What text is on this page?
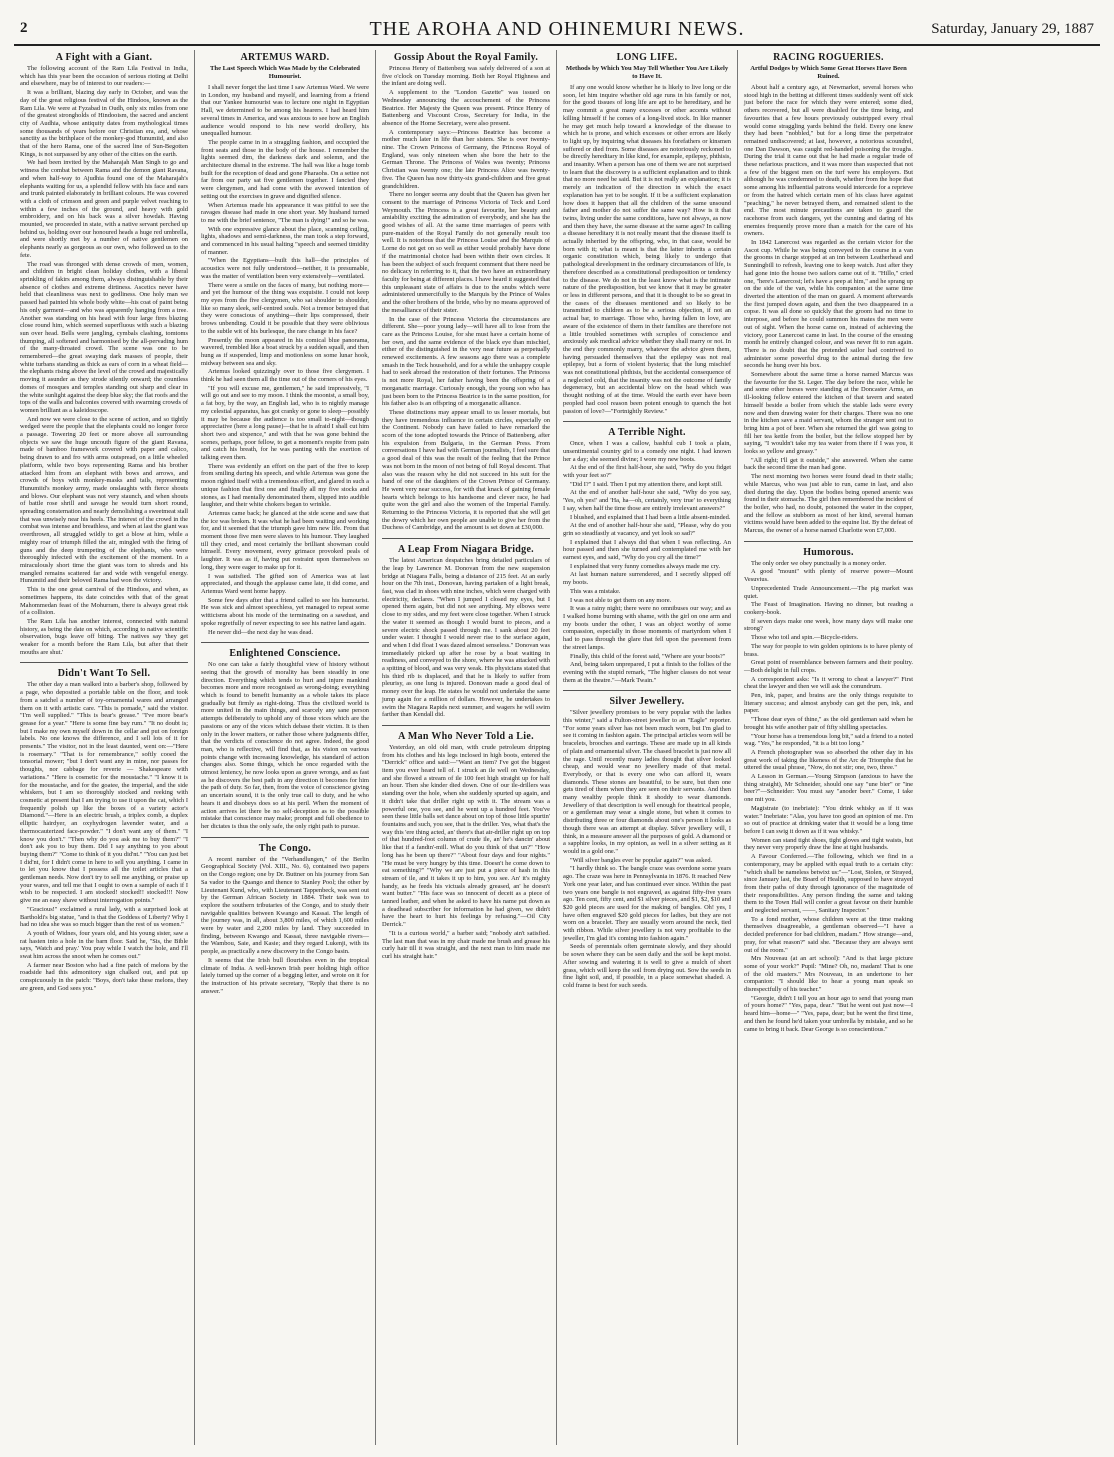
2	THE AROHA AND OHINEMURI NEWS.	Saturday, January 29, 1887
A Fight with a Giant.

The following account of the Ram Lila Festival in India, which has this year been the occasion of serious rioting at Delhi and elsewhere, may be of interest to our readers:—

It was a brilliant, blazing day early in October, and was the day of the great religious festival of the Hindoos, known as the Ram Lila. We were at Fyzabad in Oudh, only six miles from one of the greatest strongholds of Hindooism, the sacred and ancient city of Audhia, whose antiquity dates from mythological times some thousands of years before our Christian era, and, whose sanctity as the birthplace of the monkey-god Hunumiid, and also that of the hero Rama, one of the sacred line of Sun-Begotten Kings, is not surpassed by any other of the cities on the earth.

We had been invited by the Maharajah Man Singh to go and witness the combat between Rama and the demon giant Ravana, and when half-way to Ajudhia found one of the Maharajah's elephants waiting for us, a splendid fellow with his face and ears and trunk painted elaborately in brilliant colours. He was covered with a cloth of crimson and green and purple velvet reaching to within a few inches of the ground, and heavy with gold embroidery, and on his back was a silver howdah. Having mounted, we proceeded in state, with a native servant perched up behind us, holding over our honoured heads a huge red umbrella, and were shortly met by a number of native gentlemen on elephants nearly as gorgeous as our own, who followed us to the fete.

The road was thronged with dense crowds of men, women, and children in bright clean holiday clothes, with a liberal sprinkling of fakirs among them, always distinguishable by their absence of clothes and extreme dirtiness. Ascetics never have held that cleanliness was next to godliness. One holy man we passed had painted his whole body white—his coat of paint being his only garment—and who was apparently hanging from a tree. Another was standing on his head with four large fires blazing close round him, which seemed superfluous with such a blazing sun over head. Bells were jangling, cymbals clashing, tomtoms thumping, all softened and harmonised by the all-pervading hum of the many-throated crowd. The scene was one to be remembered—the great swaying dark masses of people, their white turbans standing as thick as ears of corn in a wheat field—the elephants rising above the level of the crowd and majestically moving it asunder as they strode silently onward; the countless domes of mosques and temples standing out sharp and clear in the white sunlight against the deep blue sky; the flat roofs and the tops of the walls and balconies covered with swarming crowds of women brilliant as a kaleidoscope.

And now we were close to the scene of action, and so tightly wedged were the people that the elephants could no longer force a passage. Towering 20 feet or more above all surrounding objects we saw the huge uncouth figure of the giant Ravana, made of bamboo framework covered with paper and calico, being drawn to and fro with arms outspread, on a little wheeled platform, while two boys representing Rama and his brother attacked him from an elephant with bows and arrows, and crowds of boys with monkey-masks and tails, representing Hunumiid's monkey army, made onslaughts with fierce shouts and blows. Our elephant was not very staunch, and when shouts of battle rose shrill and savage he would turn short round, spreading consternation and nearly demolishing a sweetmeat stall that was unwisely near his heels. The interest of the crowd in the combat was intense and breathless, and when at last the giant was overthrown, all struggled wildly to get a blow at him, while a mighty roar of triumph filled the air, mingled with the firing of guns and the deep trumpeting of the elephants, who were thoroughly infected with the excitement of the moment. In a miraculously short time the giant was torn to shreds and his mangled remains scattered far and wide with vengeful energy. Hunumiid and their beloved Rama had won the victory.

This is the one great carnival of the Hindoos, and when, as sometimes happens, its date coincides with that of the great Mahommedan feast of the Mohurram, there is always great risk of a collision.

The Ram Lila has another interest, connected with natural history, as being the date on which, according to native scientific observation, bugs leave off biting. The natives say 'they get weaker for a month before the Ram Lila, but after that their mouths are shut.'

Didn't Want To Sell.

The other day a man walked into a barber's shop, followed by a page, who deposited a portable table on the floor, and took from a satchel a number of toy-ornamental wares and arranged them on it with artistic care. "This is pomade," said the visitor. "I'm well supplied." "This is bear's grease." "I've more bear's grease for a year." "Here is some fine bay rum." "It no doubt is; but I make my own myself down in the cellar and put on foreign labels. No one knows the difference, and I sell lots of it for presents." The visitor, not in the least daunted, went on:—"Here is rosemary." "That is for remembrance," softly cooed the tonsorial mower; "but I don't want any in mine, nor passes for thoughts, nor cabbage for reverie — Shakespeare with variations." "Here is cosmetic for the moustache." "I know it is for the moustache, and for the goatee, the imperial, and the side whiskers, but I am so thoroughly stocked and reeking with cosmetic at present that I am trying to use it upon the cat, which I frequently polish up like the boxes of a variety actor's Diamond."—Here is an electric brush, a triplex comb, a duplex elliptic hairdyer, an oxyhydrogen lavender water, and a thermocauterized face-powder." "I don't want any of them." "I know you don't." "Then why do you ask me to buy them?" "I don't ask you to buy them. Did I say anything to you about buying them?" "Come to think of it you did'nt." "You can just bet I did'nt, for I didn't come in here to sell you anything. I came in to let you know that I possess all the toilet articles that a gentleman needs. Now don't try to sell me anything, or praise up your wares, and tell me that I ought to own a sample of each if I wish to be respected. I am stocked! stocked!! stocked!!! Now give me an easy shave without interrogation points."

"Gracious!" exclaimed a rural lady, with a surprised look at Bartholdi's big statue, "and is that the Goddess of Liberty? Why I had no idea she was so much bigger than the rest of us women."

A youth of Widnes, four years old, and his young sister, saw a rat hasten into a hole in the barn floor. Said he, "Sis, the Bible says, 'Watch and pray.' You pray while I watch the hole, and I'll swat him across the snoot when he comes out."

A farmer near Boston who had a fine patch of melons by the roadside had this admonitory sign chalked out, and put up conspicuously in the patch: "Boys, don't take these melons, they are green, and God sees you."

ARTEMUS WARD.
The Last Speech Which Was Made by the Celebrated Humourist.

I shall never forget the last time I saw Artemus Ward. We were in London, my husband and myself, and learning from a friend that our Yankee humourist was to lecture one night in Egyptian Hall, we determined to be among his hearers. I had heard him several times in America, and was anxious to see how an English audience would respond to his new world drollery, his unequalled humour.

The people came in in a straggling fashion, and occupied the front seats and those in the body of the house. I remember the lights seemed dim, the darkness dark and solemn, and the architecture dismal in the extreme. The hall was like a huge tomb built for the reception of dead and gone Pharaohs. On a settee not far from our party sat five gentlemen together. I fancied they were clergymen, and had come with the avowed intention of setting out the exercises in grave and dignified silence.

When Artemus made his appearance it was pitiful to see the ravages disease had made in one short year. My husband turned to me with the brief sentence, "The man is dying!" and so he was.

With one expressive glance about the place, scanning ceiling, lights, shadows and semi-darkness, the man took a step forward, and commenced in his usual halting "speech and seemed timidity of manner.

"When the Egyptians—built this hall—the principles of acoustics were not fully understood—neither, it is presumable, was the matter of ventilation been very extensively—ventilated.

There were a smile on the faces of many, but nothing more—and yet the humour of the thing was exquisite. I could not keep my eyes from the five clergymen, who sat shoulder to shoulder, like so many sleek, self-centred souls. Not a tremor betrayed that they were conscious of anything—their lips compressed, their brows unbending. Could it be possible that they were oblivious to the subtle wit of his burlesque, the rare change in his face?

Presently the moon appeared in his comical blue panorama, wavered, trembled like a boat struck by a sudden squall, and then hung as if suspended, limp and motionless on some lunar hook, midway between sea and sky.

Artemus looked quizzingly over to those five clergymen. I think he had seen them all the time out of the corners of his eyes.

"If you will excuse me, gentlemen," he said impressively, "I will go out and see to my moon. I think the moonist, a small boy, a fat boy, by the way, an English lad, who is to nightly manage my celestial apparatus, has got cranky or gone to sleep—possibly it may be because the audience is too small to-night—though appreciative (here a long pause)—that he is afraid I shall cut him short two and sixpence," and with that he was gone behind the scenes, perhaps, poor fellow, to get a moment's respite from pain and catch his breath, for he was panting with the exertion of talking even then.

There was evidently an effort on the part of the five to keep from smiling during his speech, and while Artemus was gone the moon righted itself with a tremendous effort, and glared in such a unique fashion that first one and finally all my five stocks and stones, as I had mentally denominated them, slipped into audible laughter, and their white chokers began to wrinkle.

Artemus came back; he glanced at the side scene and saw that the ice was broken. It was what he had been waiting and working for, and it seemed that the triumph gave him new life. From that moment those five men were slaves to his humour. They laughed till they cried, and most certainly the brilliant showman could himself. Every movement, every grimace provoked peals of laughter. It was as if, having put restraint upon themselves so long, they were eager to make up for it.

I was satisfied. The gifted son of America was at last appreciated, and though the applause came late, it did come, and Artemus Ward went home happy.

Some few days after that a friend called to see his humourist. He was sick and almost speechless, yet managed to repeat some witticisms about his mode of the terminating on a sawdust, and spoke regretfully of never expecting to see his native land again.

He never did—the next day he was dead.

Enlightened Conscience.

No one can take a fairly thoughtful view of history without seeing that the growth of morality has been steadily in one direction. Everything which tends to hurt and injure mankind becomes more and more recognised as wrong-doing; everything which is found to benefit humanity as a whole takes its place gradually but firmly as right-doing. Thus the civilized world is more united in the main things, and scarcely any sane person attempts deliberately to uphold any of those vices which are the passions or any of the vices which debase their victim. It is then only in the lower matters, or rather those where judgments differ, that the verdicts of conscience do not agree. Indeed, the good man, who is reflective, will find that, as his vision on various points change with increasing knowledge, his standard of action changes also. Some things, which he once regarded with the utmost leniency, he now looks upon as grave wrongs, and as fast as he discovers the best path in any direction it becomes for him the path of duty. So far, then, from the voice of conscience giving an uncertain sound, it is the only true call to duty, and he who hears it and disobeys does so at his peril. When the moment of action arrives let there be no self-deception as to the possible mistake that conscience may make; prompt and full obedience to her dictates is thus the only safe, the only right path to pursue.

The Congo.

A recent number of the "Verhandlungen," of the Berlin Geographical Society (Vol. XIII., No. 6), contained two papers on the Congo region; one by Dr. Buttner on his journey from San Sa vador to the Quango and thence to Stanley Pool; the other by Lieutenant Kund, who, with Lieutenant Tappenbeck, was sent out by the German African Society in 1884. Their task was to explore the southern tributaries of the Congo, and to study their navigable qualities between Kwango and Kassai. The length of the journey was, in all, about 3,800 miles, of which 1,600 miles were by water and 2,200 miles by land. They succeeded in finding, between Kwango and Kassai, three navigable rivers—the Wambou, Saie, and Kasie; and they regard Lukenji, with its people, as practically a new discovery in the Congo basin.

It seems that the Irish bull flourishes even in the tropical climate of India. A well-known Irish peer holding high office lately turned up the corner of a begging letter, and wrote on it for the instruction of his private secretary, "Reply that there is no answer."

Gossip About the Royal Family.

Princess Henry of Battenberg was safely delivered of a son at five o'clock on Tuesday morning. Both her Royal Highness and the infant are doing well.

A supplement to the "London Gazette" was issued on Wednesday announcing the accouchement of the Princess Beatrice. Her Majesty the Queen was present. Prince Henry of Battenberg and Viscount Cross, Secretary for India, in the absence of the Home Secretary, were also present.

A contemporary says:—Princess Beatrice has become a mother much later in life than her sisters. She is over twenty-nine. The Crown Princess of Germany, the Princess Royal of England, was only nineteen when she bore the heir to the German Throne. The Princess of Wales was twenty; Princess Christian was twenty one; the late Princess Alice was twenty-five. The Queen has now thirty-six grand-children and five great grandchildren.

There no longer seems any doubt that the Queen has given her consent to the marriage of Princess Victoria of Teck and Lord Weymouth. The Princess is a great favourite, her beauty and amiability exciting the admiration of everybody, and she has the good wishes of all. At the same time marriages of peers with pure-maiden of the Royal Family do not generally result too well. It is notorious that the Princess Louise and the Marquis of Lorne do not get on so well as either would probably have done if the matrimonial choice had been within their own circles. It has been the subject of such frequent comment that there need be no delicacy in referring to it, that the two have an extraordinary faculty for being at different places. I have heard it suggested that this unpleasant state of affairs is due to the snubs which were administered unmercifully to the Marquis by the Prince of Wales and the other brothers of the bride, who by no means approved of the mesalliance of their sister.

In the case of the Princess Victoria the circumstances are different. She—poor young lady—will have all to lose from the care as the Princess Louise, for she must have a certain home of her own, and the same evidence of the black eye than mischief, either of the distinguished in the very near future as perpetually renewed excitements. A few seasons ago there was a complete smash in the Teck household, and for a while the unhappy couple had to seek abroad the restoration of their fortunes. The Princess is not more Royal, her father having been the offspring of a morganatic marriage. Curiously enough, the young son who has just been born to the Princess Beatrice is in the same position, for his father also is an offspring of a morganatic alliance.

These distinctions may appear small to us lesser mortals, but they have tremendous influence in certain circles, especially on the Continent. Nobody can have failed to have remarked the scorn of the tone adopted towards the Prince of Battenberg, after his expulsion from Bulgaria, in the German Press. From conversations I have had with German journalists, I feel sure that a good deal of this was the result of the feeling that the Prince was not born in the moon of not being of full Royal descent. That also was the reason why he did not succeed in his suit for the hand of one of the daughters of the Crown Prince of Germany. He went very near success, for with that knack of gaining female hearts which belongs to his handsome and clever race, he had quite won the girl and also the women of the Imperial Family. Returning to the Princess Victoria, it is reported that she will get the dowry which her own people are unable to give her from the Duchess of Cambridge, and the amount is set down at £30,000.

A Leap From Niagara Bridge.

The latest American despatches bring detailed particulars of the leap by Lawrence M. Donovan from the new suspension bridge at Niagara Falls, being a distance of 215 feet. At an early hour on the 7th inst., Donovan, having partaken of a light break, fast, was clad in shoes with nine inches, which were charged with electricity, declares. "When I jumped I closed my eyes, but I opened them again, but did not see anything. My elbows were close to my sides, and my feet were close together. When I struck the water it seemed as though I would burst to pieces, and a severe electric shock passed through me. I sank about 20 feet under water. I thought I would never rise to the surface again, and when I did float I was dazed almost senseless." Donovan was immediately picked up after he rose by a boat waiting in readiness, and conveyed to the shore, where he was attacked with a spitting of blood, and was very weak. His physicians stated that his third rib is displaced, and that he is likely to suffer from pleurisy, as one lung is injured. Donovan made a good deal of money over the leap. He states he would not undertake the same jump again for a million of dollars. However, he undertakes to swim the Niagara Rapids next summer, and wagers he will swim farther than Kendall did.

A Man Who Never Told a Lie.

Yesterday, an old old man, with crude petroleum dripping from his clothes and his legs inclosed in high boots, entered the "Derrick" office and said:—"Want an item? I've got the biggest item you ever heard tell of. I struck an ile well on Wednesday, and she flowed a stream of ile 100 feet high straight up for half an hour. Then she kinder died down. One of our ile-drillers was standing over the hole, when she suddenly spurted up again, and it didn't take that driller right up with it. The stream was a powerful one, you see, and he went up a hundred feet. You've seen these little balls set dance about on top of those little spurtin' fountains and such, you see, that is the driller. Yes, what that's the way this 'ere thing acted, an' there's that air-driller right up on top of that hundred-foot column of crude ile, an' he's dancin' about like that if a fandin'-mill. What do you think of that un?" "How long has he been up there?" "About four days and four nights." "He must be very hungry by this time. Doesn't he come down to eat something?" "Why we are just put a piece of hash in this stream of ile, and it takes it up to him, you see. An' it's mighty handy, as he feeds his victuals already greased, an' he doesn't want butter." "His face was so innocent of deceit as a piece of tanned leather, and when he asked to have his name put down as a deadhead subscriber for information he had given, we didn't have the heart to hurt his feelings by refusing."—Oil City Derrick."

"It is a curious world," a barber said; "nobody ain't satisfied. The last man that was in my chair made me brush and grease his curly hair till it was straight, and the next man to him made me curl his straight hair."

LONG LIFE.
Methods by Which You May Tell Whether You Are Likely to Have It.

If any one would know whether he is likely to live long or die soon, let him inquire whether old age runs in his family or not, for the good tissues of long life are apt to be hereditary, and he may commit a great many excesses or other accents without killing himself if he comes of a long-lived stock. In like manner he may get much help toward a knowledge of the disease to which he is prone, and which excesses or other errors are likely to light up, by inquiring what diseases his forefathers or kinsmen suffered or died from. Some diseases are notoriously reckoned to be directly hereditary in like kind, for example, epilepsy, phthisis, and insanity. When a person has one of them we are not surprised to learn that the discovery is a sufficient explanation and to think that no more need be said. But it is not really an explanation; it is merely an indication of the direction in which the exact explanation has yet to be sought. If it be a sufficient explanation how does it happen that all the children of the same unsound father and mother do not suffer the same way? How is it that twins, living under the same conditions, have not always, as now and then they have, the same disease at the same ages? In calling a disease hereditary it is not really meant that the disease itself is actually inherited by the offspring, who, in that case, would be born with it; what is meant is that the latter inherits a certain organic constitution which, being likely to undergo that pathological development in the ordinary circumstances of life, is therefore described as a constitutional predisposition or tendency to the disease. We do not in the least know what is the intimate nature of the predisposition, but we know that it may be greater or less in different persons, and that it is thought to be so great in the cases of the diseases mentioned and so likely to be transmitted to children as to be a serious objection, if not an actual bar, to marriage. Those who, having fallen in love, are aware of the existence of them in their families are therefore not a little troubled sometimes with scruples of conscience and anxiously ask medical advice whether they shall marry or not. In the end they commonly marry, whatever the advice given them, having persuaded themselves that the epilepsy was not real epilepsy, but a form of violent hysteria; that the lung mischief was not constitutional phthisis, but the accidental consequence of a neglected cold, that the insanity was not the outcome of family degeneracy, but an accidental blow on the head which was thought nothing of at the time. Would the earth ever have been peopled had cool reason been potent enough to quench the hot passion of love?—"Fortnightly Review."

A Terrible Night.

Once, when I was a callow, bashful cub I took a plain, unsentimental country girl to a comedy one night. I had known her a day; she seemed divine; I wore my new boots.

At the end of the first half-hour, she said, "Why do you fidget with your feet so?"

"Did I?" I said. Then I put my attention there, and kept still.

At the end of another half-hour she said, "Why do you say, 'Yes, oh yes!' and 'Ha, ha—oh, certainly, very true' to everything I say, when half the time those are entirely irrelevant answers?"

I blushed, and explained that I had been a little absent-minded.

At the end of another half-hour she said, "Please, why do you grin so steadfastly at vacancy, and yet look so sad?"

I explained that I always did that when I was reflecting. An hour passed and then she turned and contemplated me with her earnest eyes, and said, "Why do you cry all the time?"

I explained that very funny comedies always made me cry.

At last human nature surrendered, and I secretly slipped off my boots.

This was a mistake.

I was not able to get them on any more.

It was a rainy night; there were no omnibuses our way; and as I walked home burning with shame, with the girl on one arm and my boots under the other, I was an object worthy of some compassion, especially in those moments of martyrdom when I had to pass through the glare that fell upon the pavement from the street lamps.

Finally, this child of the forest said, "Where are your boots?"

And, being taken unprepared, I put a finish to the follies of the evening with the stupid remark, "The higher classes do not wear them at the theatre."—Mark Twain."

Silver Jewellery.

"Silver jewellery promises to be very popular with the ladies this winter," said a Fulton-street jeweller to an "Eagle" reporter. "For some years silver has not been much worn, but I'm glad to see it coming in fashion again. The principal articles worn will be bracelets, brooches and earrings. These are made up in all kinds of plain and ornamental silver. The chased bracelet is just now all the rage. Until recently many ladies thought that silver looked cheap, and would wear no jewellery made of that metal. Everybody, or that is every one who can afford it, wears diamonds. These stones are beautiful, to be sure, but then one gets tired of them when they are seen on their servants. And then many wealthy people think it shoddy to wear diamonds. Jewellery of that description is well enough for theatrical people, or a gentleman may wear a single stone, but when it comes to distributing three or four diamonds about one's person it looks as though there was an attempt at display. Silver jewellery will, I think, in a measure answer all the purposes of gold. A diamond or a sapphire looks, in my opinion, as well in a silver setting as it would in a gold one."

"Will silver bangles ever be popular again?" was asked.

"I hardly think so. The bangle craze was overdone some years ago. The craze was here in Pennsylvania in 1876. It reached New York one year later, and has continued ever since. Within the past two years one bangle is not engraved, as against fifty-five years ago. Ten cent, fifty cent, and $1 silver pieces, and $1, $2, $10 and $20 gold pieces are used for the making of bangles. Oh! yes, I have often engraved $20 gold pieces for ladies, but they are not worn on a bracelet. They are usually worn around the neck, tied with ribbon. While silver jewellery is not very profitable to the jeweller, I'm glad it's coming into fashion again."

Seeds of perennials often germinate slowly, and they should be sown where they can be seen daily and the soil be kept moist. After sowing and watering it is well to give a mulch of short grass, which will keep the soil from drying out. Sow the seeds in fine light soil, and, if possible, in a place somewhat shaded. A cold frame is best for such seeds.

RACING ROGUERIES.
Artful Dodges by Which Some Great Horses Have Been Ruined.

About half a century ago, at Newmarket, several horses who stood high in the betting at different times suddenly went off sick just before the race for which they were entered; some died, others recovered, but all were disabled for the time being, and favourites that a few hours previously outstripped every rival would come straggling yards behind the field. Every one knew they had been "nobbled," but for a long time the perpetrator remained undiscovered; at last, however, a notorious scoundrel, one Dan Dawson, was caught red-handed poisoning the troughs. During the trial it came out that he had made a regular trade of these nefarious practices, and it was more than suspected that not a few of the biggest men on the turf were his employers. But although he was condemned to death, whether from the hope that some among his influential patrons would intercede for a reprieve or from the hatred which certain men of his class have against "peaching," he never betrayed them, and remained silent to the end. The most minute precautions are taken to guard the racehorse from such dangers, yet the cunning and daring of his enemies frequently prove more than a match for the care of his owners.

In 1842 Lanercost was regarded as the certain victor for the Ascot cup. While he was being conveyed to the course in a van the grooms in charge stopped at an inn between Leatherhead and Sunningbill to refresh, leaving one to keep watch. Just after they had gone into the house two sailors came out of it. "Hillo," cried one, "here's Lanercost; let's have a peep at him," and he sprang up on the side of the van, while his companion at the same time diverted the attention of the man on guard. A moment afterwards the first jumped down again, and then the two disappeared in a copse. It was all done so quickly that the groom had no time to interpose, and before he could summon his mates the men were out of sight. When the horse came on, instead of achieving the victory, poor Lanercost came in last. In the course of the ensuing month he entirely changed colour, and was never fit to run again. There is no doubt that the pretended sailor had contrived to administer some powerful drug to the animal during the few seconds he hung over his box.

Somewhere about the same time a horse named Marcus was the favourite for the St. Leger. The day before the race, while he and some other horses were standing at the Doncaster Arms, an ill-looking fellow entered the kitchen of that tavern and seated himself beside a boiler from which the stable lads were every now and then drawing water for their charges. There was no one in the kitchen save a maid servant, whom the stranger sent out to bring him a pot of beer. When she returned the girl was going to fill her tea kettle from the boiler, but the fellow stopped her by saying, "I wouldn't take my tea water from there if I was you, it looks so yellow and greasy."

"All right; I'll get it outside," she answered. When she came back the second time the man had gone.

The next morning two horses were found dead in their stalls; while Marcus, who was just able to run, came in last, and also died during the day. Upon the bodies being opened arsenic was found in their stomachs. The girl then remembered the incident of the boiler, who had, no doubt, poisoned the water in the copper, and the fellow as stubborn as most of her kind, several human victims would have been added to the equine list. By the defeat of Marcus, the owner of a horse named Charlotte won £7,000.

Humorous.

The only order we obey punctually is a money order.

A good "mount" with plenty of reserve power—Mount Vesuvius.

Unprecedented Trade Announcement.—The pig market was quiet.

The Feast of Imagination. Having no dinner, but reading a cookery-book.

If seven days make one week, how many days will make one strong?

Those who toil and spin.—Bicycle-riders.

The way for people to win golden opinions is to have plenty of brass.

Great point of resemblance between farmers and their poultry.—Both delight in full crops.

A correspondent asks: "Is it wrong to cheat a lawyer?" First cheat the lawyer and then we will ask the conundrum.

Pen, ink, paper, and brains are the only things requisite to literary success; and almost anybody can get the pen, ink, and paper.

"Those dear eyes of thine," as the old gentleman said when he brought his wife another pair of fifty shilling spectacles.

"Your horse has a tremendous long bit," said a friend to a noted wag. "Yes," he responded, "it is a bit too long."

A French photographer was so absorbed the other day in his great work of taking the likeness of the Arc de Triomphe that he uttered the usual phrase, "Now, do not stir; one, two, three."

A Lesson in German.—Young Simpson (anxious to have the thing straight), Mr Schneider, should one say "une bier" or "ine beer?"—Schneider: You must say "anoder beer." Come, I take one mit you.

Magistrate (to inebriate): "You drink whisky as if it was water." Inebriate: "Alas, you have too good an opinion of me. I'm so out of practice at drinking water that it would be a long time before I can swig it down as if it was whisky."

Women can stand tight shoes, tight gloves and tight waists, but they never very properly draw the line at tight husbands.

A Favour Conferred.—The following, which we find in a contemporary, may be applied with equal truth to a certain city: "which shall be nameless betwixt us:"—"Lost, Stolen, or Strayed, since January last, the Board of Health, supposed to have strayed from their paths of duty through ignorance of the magnitude of their responsibilities. Any person finding the same and taking them to the Town Hall will confer a great favour on their humble and neglected servant, ——, Sanitary Inspector."

To a fond mother, whose children were at the time making themselves disagreeable, a gentleman observed—"I have a decided preference for bad children, madam." How strange—and, pray, for what reason?" said she. "Because they are always sent out of the room."

Mrs Nouveau (at an art school): "And is that large picture some of your work?" Pupil: "Mine? Oh, no, madam! That is one of the old masters." Mrs Nouveau, in an undertone to her companion: "I should like to hear a young man speak so disrespectfully of his teacher."

"Georgie, didn't I tell you an hour ago to send that young man of yours home?" "Yes, papa, dear." "But he went out just now—I heard him—home—" "Yes, papa, dear; but he went the first time, and then he found he'd taken your umbrella by mistake, and so he came to bring it back. Dear George is so conscientious."
